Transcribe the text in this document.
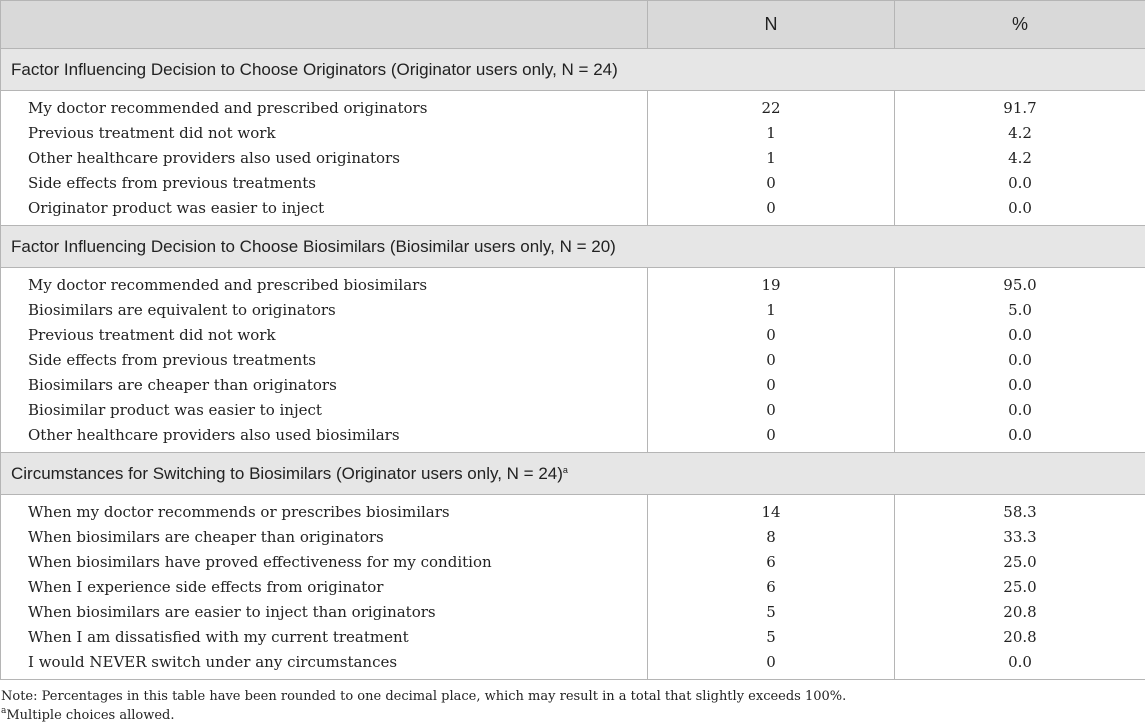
	N	%
Factor Influencing Decision to Choose Originators (Originator users only, N = 24)		
My doctor recommended and prescribed originators	22	91.7
Previous treatment did not work	1	4.2
Other healthcare providers also used originators	1	4.2
Side effects from previous treatments	0	0.0
Originator product was easier to inject	0	0.0
Factor Influencing Decision to Choose Biosimilars (Biosimilar users only, N = 20)		
My doctor recommended and prescribed biosimilars	19	95.0
Biosimilars are equivalent to originators	1	5.0
Previous treatment did not work	0	0.0
Side effects from previous treatments	0	0.0
Biosimilars are cheaper than originators	0	0.0
Biosimilar product was easier to inject	0	0.0
Other healthcare providers also used biosimilars	0	0.0
Circumstances for Switching to Biosimilars (Originator users only, N = 24)$^a$
When my doctor recommends or prescribes biosimilars	14	58.3
When biosimilars are cheaper than originators	8	33.3
When biosimilars have proved effectiveness for my condition	6	25.0
When I experience side effects from originator	6	25.0
When biosimilars are easier to inject than originators	5	20.8
When I am dissatisfied with my current treatment	5	20.8
I would NEVER switch under any circumstances	0	0.0
Note: Percentages in this table have been rounded to one decimal place, which may result in a total that slightly exceeds 100%.
$^a$Multiple choices allowed.
